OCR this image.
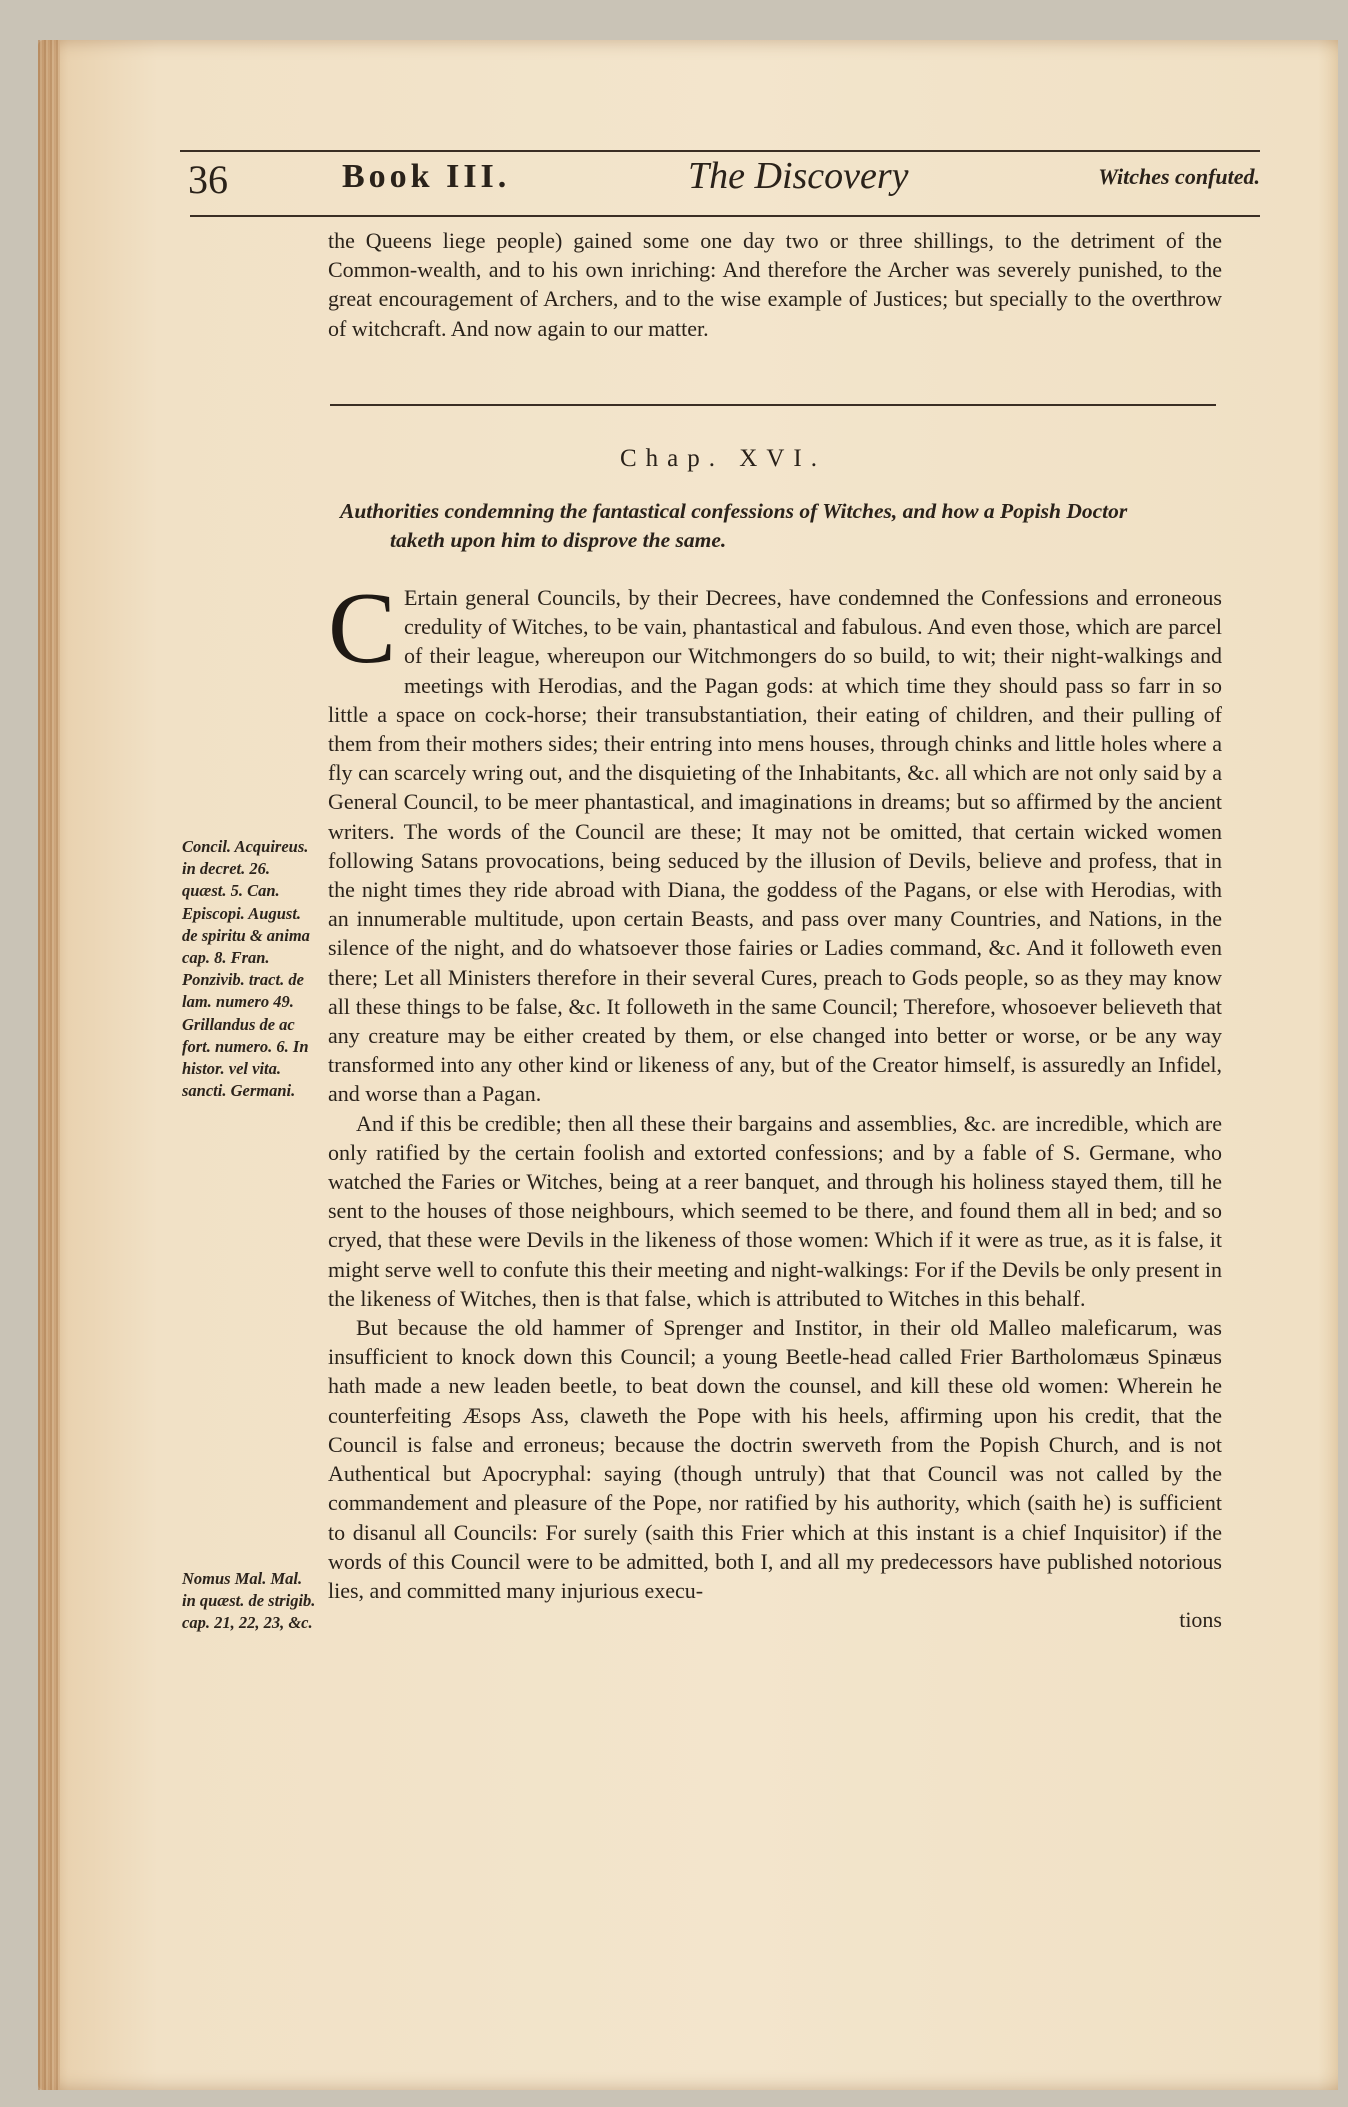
36	Book III.	The Discovery	Witches confuted.

the Queens liege people) gained some one day two or three shillings, to the detriment of the Common-wealth, and to his own inriching: And therefore the Archer was severely punished, to the great encouragement of Archers, and to the wise example of Justices; but specially to the overthrow of witchcraft. And now again to our matter.

Chap. XVI.
Authorities condemning the fantastical confessions of Witches, and how a Popish Doctor
taketh upon him to disprove the same.

C Ertain general Councils, by their Decrees, have condemned the Confessions and erroneous credulity of Witches, to be vain, phantastical and fabulous. And even those, which are parcel of their league, whereupon our Witchmongers do so build, to wit; their night-walkings and meetings with Herodias, and the Pagan gods: at which time they should pass so farr in so little a space on cock-horse; their transubstantiation, their eating of children, and their pulling of them from their mothers sides; their entring into mens houses, through chinks and little holes where a fly can scarcely wring out, and the disquieting of the Inhabitants, &c. all which are not only said by a General Council, to be meer phantastical, and imaginations in dreams; but so affirmed by the ancient writers. The words of the Council are these; It may not be omitted, that certain wicked women following Satans provocations, being seduced by the illusion of Devils, believe and profess, that in the night times they ride abroad with Diana, the goddess of the Pagans, or else with Herodias, with an innumerable multitude, upon certain Beasts, and pass over many Countries, and Nations, in the silence of the night, and do whatsoever those fairies or Ladies command, &c. And it followeth even there; Let all Ministers therefore in their several Cures, preach to Gods people, so as they may know all these things to be false, &c. It followeth in the same Council; Therefore, whosoever believeth that any creature may be either created by them, or else changed into better or worse, or be any way transformed into any other kind or likeness of any, but of the Creator himself, is assuredly an Infidel, and worse than a Pagan.

And if this be credible; then all these their bargains and assemblies, &c. are incredible, which are only ratified by the certain foolish and extorted confessions; and by a fable of S. Germane, who watched the Faries or Witches, being at a reer banquet, and through his holiness stayed them, till he sent to the houses of those neighbours, which seemed to be there, and found them all in bed; and so cryed, that these were Devils in the likeness of those women: Which if it were as true, as it is false, it might serve well to confute this their meeting and night-walkings: For if the Devils be only present in the likeness of Witches, then is that false, which is attributed to Witches in this behalf.

But because the old hammer of Sprenger and Institor, in their old Malleo maleficarum, was insufficient to knock down this Council; a young Beetle-head called Frier Bartholomæus Spinæus hath made a new leaden beetle, to beat down the counsel, and kill these old women: Wherein he counterfeiting Æsops Ass, claweth the Pope with his heels, affirming upon his credit, that the Council is false and erroneus; because the doctrin swerveth from the Popish Church, and is not Authentical but Apocryphal: saying (though untruly) that that Council was not called by the commandement and pleasure of the Pope, nor ratified by his authority, which (saith he) is sufficient to disanul all Councils: For surely (saith this Frier which at this instant is a chief Inquisitor) if the words of this Council were to be admitted, both I, and all my predecessors have published notorious lies, and committed many injurious execu-

tions

Concil. Acquireus. in decret. 26. quæst. 5. Can. Episcopi. August. de spiritu & anima cap. 8. Fran. Ponzivib. tract. de lam. numero 49. Grillandus de ac fort. numero. 6. In histor. vel vita. sancti. Germani.
Nomus Mal. Mal. in quæst. de strigib. cap. 21, 22, 23, &c.
